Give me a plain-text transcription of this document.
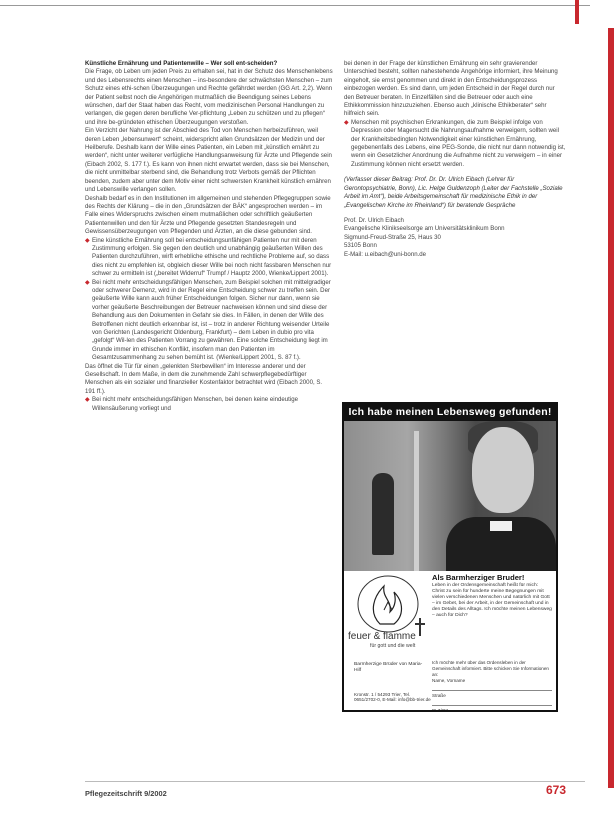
Künstliche Ernährung und Patientenwille – Wer soll ent-scheiden?

Die Frage, ob Leben um jeden Preis zu erhalten sei, hat in der Schutz des Menschenlebens und des Lebensrechts einen Menschen – ins-besondere der schwächsten Menschen – zum Schutz eines ethi-schen Überzeugungen und Rechte gefährdet werden (GG Art. 2,2). Wenn der Patient selbst noch die Angehörigen mutmaßlich die Beendigung seines Lebens wünschen, darf der Staat haben das Recht, vom medizinischen Personal Handlungen zu verlangen, die gegen deren berufliche Ver-pflichtung „Leben zu schützen und zu pflegen“ und ihre be-gründeten ethischen Überzeugungen verstoßen.

Ein Verzicht der Nahrung ist der Abschied des Tod von Menschen herbeizuführen, weil deren Leben „lebensunwert“ scheint, widerspricht allen Grundsätzen der Medizin und der Heilberufe. Deshalb kann der Wille eines Patienten, ein Leben mit „künstlich ernährt zu werden“, nicht unter weiterer verfügliche Handlungsanweisung für Ärzte und Pflegende sein (Eibach 2002, S. 177 f.). Es kann von ihnen nicht erwartet werden, dass sie bei Menschen, die nicht unmittelbar sterbend sind, die Behandlung trotz Verbots gemäß der Pflichten beenden, zudem aber unter dem Motiv einer nicht schwersten Krankheit künstlich ernähren und Lebenswille verlangen sollen.

Deshalb bedarf es in den Institutionen im allgemeinen und stehenden Pflegegruppen sowie des Rechts der Klärung – die in den „Grundsätzen der BÄK“ angesprochen werden – im Falle eines Widerspruchs zwischen einem mutmaßlichen oder schriftlich geäußerten Patientenwillen und den für Ärzte und Pflegende gesetzten Standesregeln und Gewissensüberzeugungen von Pflegenden und Ärzten, an die diese gebunden sind.

◆ Eine künstliche Ernährung soll bei entscheidungsunfähigen Patienten nur mit deren Zustimmung erfolgen. Sie gegen den deutlich und unabhängig geäußerten Willen des Patienten durchzuführen, wirft erhebliche ethische und rechtliche Probleme auf, so dass dies nicht zu empfehlen ist, obgleich dieser Wille bei noch nicht fassbaren Menschen nur schwer zu ermitteln ist („bereitet Widerruf“ Trumpf / Hauptz 2000, Wienke/Lippert 2001).

◆ Bei nicht mehr entscheidungsfähigen Menschen, zum Beispiel solchen mit mittelgradiger oder schwerer Demenz, wird in der Regel eine Entscheidung schwer zu treffen sein. Der geäußerte Wille kann auch früher Entscheidungen folgen. Sicher nur dann, wenn sie vorher geäußerte Beschreibungen der Betreuer nachweisen können und sind diese der Behandlung aus den Dokumenten in Gefahr sie dies. In Fällen, in denen der Wille des Betroffenen nicht deutlich erkennbar ist, ist – trotz in anderer Richtung weisender Urteile von Gerichten (Landesgericht Oldenburg, Frankfurt) – dem Leben in dubio pro vita „gefolgt“ Wil-len des Patienten Vorrang zu gewähren. Eine solche Entscheidung liegt im Grunde immer im ethischen Konflikt, insofern man den Patienten im Gesamtzusammenhang zu sehen bemüht ist. (Wienke/Lippert 2001, S. 87 f.).

Das öffnet die Tür für einen „gelenkten Sterbewillen“ im Interesse anderer und der Gesellschaft. In dem Maße, in dem die zunehmende Zahl schwerpflegebedürftiger Menschen als ein sozialer und finanzieller Kostenfaktor betrachtet wird (Eibach 2000, S. 191 ff.).

◆ Bei nicht mehr entscheidungsfähigen Menschen, bei denen keine eindeutige Willensäußerung vorliegt und

bei denen in der Frage der künstlichen Ernährung ein sehr gravierender Unterschied besteht, sollten nahestehende Angehörige informiert, ihre Meinung eingeholt, sie ernst genommen und direkt in den Entscheidungsprozess einbezogen werden. Es sind dann, um jeden Entscheid in der Regel durch nur den Betreuer beraten. In Einzelfällen sind die Betreuer oder auch eine Ethikkommission hinzuzuziehen. Ebenso auch „klinische Ethikberater“ sehr hilfreich sein.

◆ Menschen mit psychischen Erkrankungen, die zum Beispiel infolge von Depression oder Magersucht die Nahrungsaufnahme verweigern, sollten weil der Krankheitsbedingten Notwendigkeit einer künstlichen Ernährung, gegebenenfalls des Lebens, eine PEG-Sonde, die nicht nur dann notwendig ist, wenn ein Gesetzlicher Anordnung die Aufnahme nicht zu verweigern – in einer Zustimmung können nicht ersetzt werden.

(Verfasser dieser Beitrag: Prof. Dr. Dr. Ulrich Eibach (Lehrer für Gerontopsychiatrie, Bonn), Lic. Helge Guldenzoph (Leiter der Fachstelle „Soziale Arbeit im Amt“), beide Arbeitsgemeinschaft für medizinische Ethik in der „Evangelischen Kirche im Rheinland“) für beratende Gespräche

Prof. Dr. Ulrich Eibach

Evangelische Klinikseelsorge am Universitätsklinikum Bonn

Sigmund-Freud-Straße 25, Haus 30

53105 Bonn

E-Mail: u.eibach@uni-bonn.de

Ich habe meinen Lebensweg gefunden!
feuer & flamme
für gott und die welt
Barmherzige Brüder von Maria-Hilf
Kronstr. 1 / 54293 Trier, Tel. 0651/2702-0, E-Mail: info@bb-trier.de
Als Barmherziger Bruder!
Leben in der Ordensgemeinschaft heißt für mich: Christ zu sein für hunderte meine Begegnungen mit vielen verschiedenen Menschen und natürlich mit Gott – im Gebet, bei der Arbeit, in der Gemeinschaft und in den Details des Alltags. Ich möchte meinen Lebensweg – auch für Dich?
Ich möchte mehr über das Ordensleben in der Gemeinschaft informiert. Bitte schicken Sie Informationen an:
Name, Vorname
Straße
PLZ/Ort
Pflegezeitschrift 9/2002	673
